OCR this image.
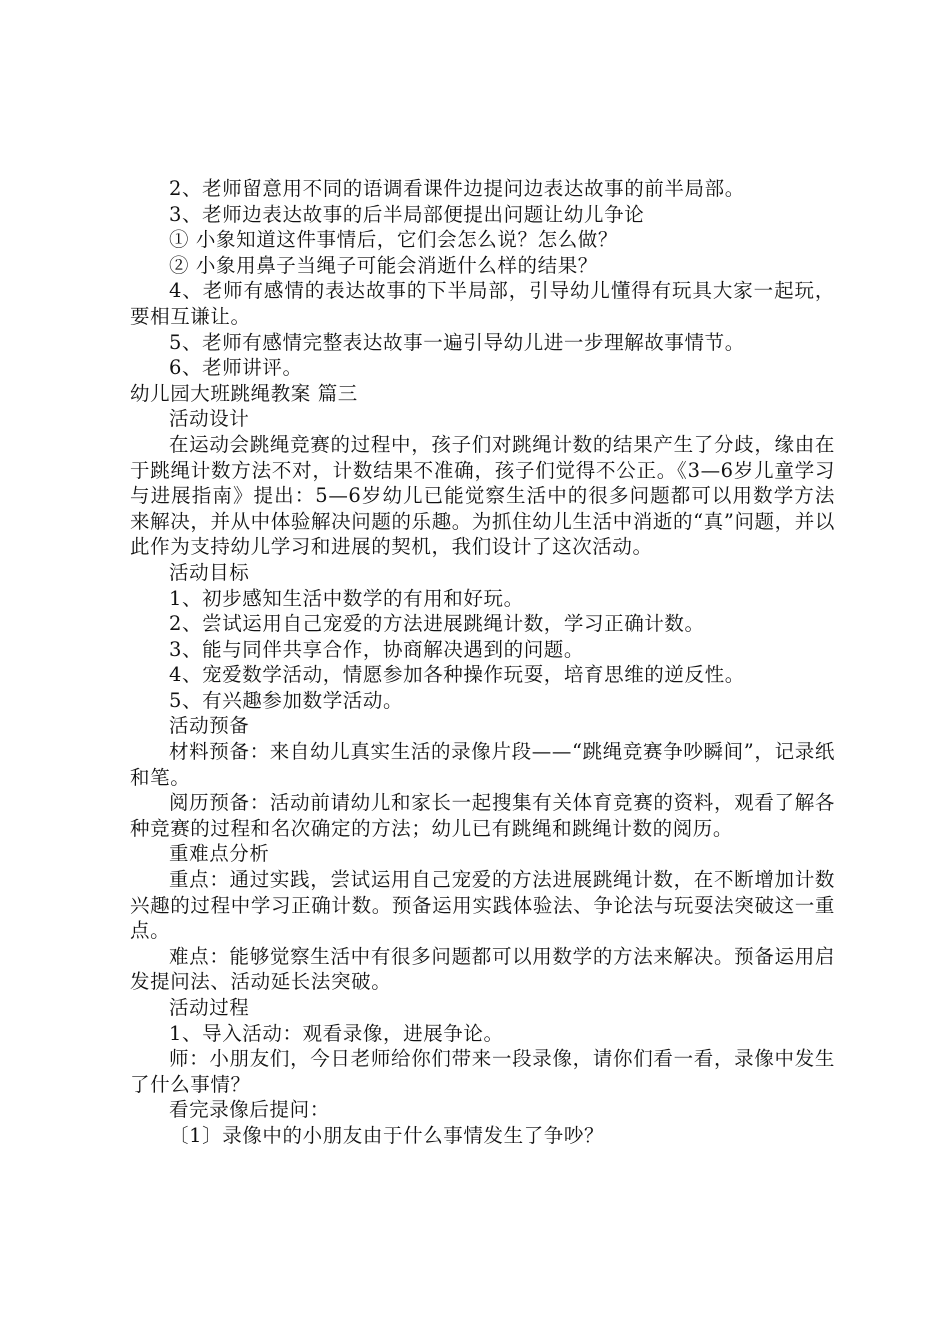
2、老师留意用不同的语调看课件边提问边表达故事的前半局部。

3、老师边表达故事的后半局部便提出问题让幼儿争论

① 小象知道这件事情后，它们会怎么说？怎么做？

② 小象用鼻子当绳子可能会消逝什么样的结果？

4、老师有感情的表达故事的下半局部，引导幼儿懂得有玩具大家一起玩，要相互谦让。

5、老师有感情完整表达故事一遍引导幼儿进一步理解故事情节。

6、老师讲评。

幼儿园大班跳绳教案 篇三

活动设计

在运动会跳绳竞赛的过程中，孩子们对跳绳计数的结果产生了分歧，缘由在于跳绳计数方法不对，计数结果不准确，孩子们觉得不公正。《3—6岁儿童学习与进展指南》提出：5—6岁幼儿已能觉察生活中的很多问题都可以用数学方法来解决，并从中体验解决问题的乐趣。为抓住幼儿生活中消逝的“真”问题，并以此作为支持幼儿学习和进展的契机，我们设计了这次活动。

活动目标

1、初步感知生活中数学的有用和好玩。

2、尝试运用自己宠爱的方法进展跳绳计数，学习正确计数。

3、能与同伴共享合作，协商解决遇到的问题。

4、宠爱数学活动，情愿参加各种操作玩耍，培育思维的逆反性。

5、有兴趣参加数学活动。

活动预备

材料预备：来自幼儿真实生活的录像片段——“跳绳竞赛争吵瞬间”，记录纸和笔。

阅历预备：活动前请幼儿和家长一起搜集有关体育竞赛的资料，观看了解各种竞赛的过程和名次确定的方法；幼儿已有跳绳和跳绳计数的阅历。

重难点分析

重点：通过实践，尝试运用自己宠爱的方法进展跳绳计数，在不断增加计数兴趣的过程中学习正确计数。预备运用实践体验法、争论法与玩耍法突破这一重点。

难点：能够觉察生活中有很多问题都可以用数学的方法来解决。预备运用启发提问法、活动延长法突破。

活动过程

1、导入活动：观看录像，进展争论。

师：小朋友们，今日老师给你们带来一段录像，请你们看一看，录像中发生了什么事情？

看完录像后提问：

〔1〕录像中的小朋友由于什么事情发生了争吵？
